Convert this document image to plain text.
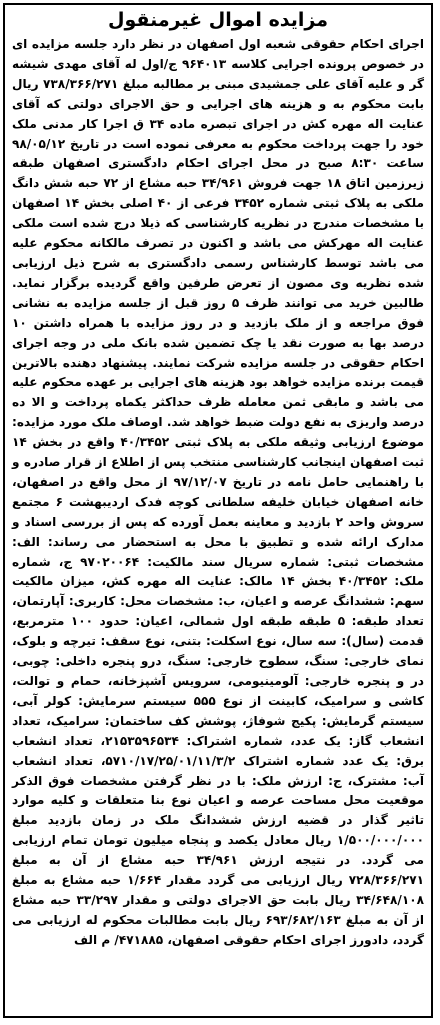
مزایده اموال غیرمنقول

اجرای احکام حقوقی شعبه اول اصفهان در نظر دارد جلسه مزایده ای در خصوص پرونده اجرایی کلاسه ۹۶۴۰۱۳ ج/اول له آقای مهدی شیشه گر و علیه آقای علی جمشیدی مبنی بر مطالبه مبلغ ۷۳۸/۳۶۶/۲۷۱ ریال بابت محکوم به و هزینه های اجرایی و حق الاجرای دولتی که آقای عنایت اله مهره کش در اجرای تبصره ماده ۳۴ ق اجرا کار مدنی ملک خود را جهت پرداخت محکوم به معرفی نموده است در تاریخ ۹۸/۰۵/۱۲ ساعت ۸:۳۰ صبح در محل اجرای احکام دادگستری اصفهان طبقه زیرزمین اتاق ۱۸ جهت فروش ۳۴/۹۶۱ حبه مشاع از ۷۲ حبه شش دانگ ملکی به پلاک ثبتی شماره ۳۴۵۲ فرعی از ۴۰ اصلی بخش ۱۴ اصفهان با مشخصات مندرج در نظریه کارشناسی که ذیلا درج شده است ملکی عنایت اله مهرکش می باشد و اکنون در تصرف مالکانه محکوم علیه می باشد توسط کارشناس رسمی دادگستری به شرح ذیل ارزیابی شده نظریه وی مصون از تعرض طرفین واقع گردیده برگزار نماید. طالبین خرید می توانند ظرف ۵ روز قبل از جلسه مزایده به نشانی فوق مراجعه و از ملک بازدید و در روز مزایده با همراه داشتن ۱۰ درصد بها به صورت نقد یا چک تضمین شده بانک ملی در وجه اجرای احکام حقوقی در جلسه مزایده شرکت نمایند. پیشنهاد دهنده بالاترین قیمت برنده مزایده خواهد بود هزینه های اجرایی بر عهده محکوم علیه می باشد و مابقی ثمن معامله ظرف حداکثر یکماه پرداخت و الا ده درصد واریزی به نفع دولت ضبط خواهد شد. اوصاف ملک مورد مزایده: موضوع ارزیابی وثیقه ملکی به پلاک ثبتی ۴۰/۳۴۵۲ واقع در بخش ۱۴ ثبت اصفهان اینجانب کارشناسی منتخب پس از اطلاع از قرار صادره و با راهنمایی حامل نامه در تاریخ ۹۷/۱۲/۰۷ از محل واقع در اصفهان، خانه اصفهان خیابان خلیفه سلطانی کوچه فدک ارديبهشت ۶ مجتمع سروش واحد ۲ بازدید و معاینه بعمل آورده که پس از بررسی اسناد و مدارک ارائه شده و تطبیق با محل به استحضار می رساند: الف: مشخصات ثبتی: شماره سریال سند مالکیت: ۹۷۰۲۰۰۶۴ ج، شماره ملک: ۴۰/۳۴۵۲ بخش ۱۴ مالک: عنایت اله مهره کش، میزان مالکیت سهم: ششدانگ عرصه و اعیان، ب: مشخصات محل: کاربری: آپارتمان، تعداد طبقه: ۵ طبقه طبقه اول شمالی، اعیان: حدود ۱۰۰ مترمربع، قدمت (سال): سه سال، نوع اسکلت: بتنی، نوع سقف: تیرچه و بلوک، نمای خارجی: سنگ، سطوح خارجی: سنگ، درو پنجره داخلی: چوبی، در و پنجره خارجی: آلومینیومی، سرویس آشپزخانه، حمام و توالت، کاشی و سرامیک، کابینت از نوع ۵۵۵ سیستم سرمایش: کولر آبی، سیستم گرمایش: پکیج شوفاژ، پوشش کف ساختمان: سرامیک، تعداد انشعاب گاز: یک عدد، شماره اشتراک: ۲۱۵۳۵۹۶۵۳۴، تعداد انشعاب برق: یک عدد شماره اشتراک ۵۷۱۰/۱۷/۲۵/۰۱/۱۱/۳/۲، تعداد انشعاب آب: مشترک، ج: ارزش ملک: با در نظر گرفتن مشخصات فوق الذکر موقعیت محل مساحت عرصه و اعیان نوع بنا متعلقات و کلیه موارد تاثیر گذار در قضیه ارزش ششدانگ ملک در زمان بازدید مبلغ ۱/۵۰۰/۰۰۰/۰۰۰ ریال معادل یکصد و پنجاه میلیون تومان تمام ارزیابی می گردد. در نتیجه ارزش ۳۴/۹۶۱ حبه مشاع از آن به مبلغ ۷۲۸/۳۶۶/۲۷۱ ریال ارزیابی می گردد مقدار ۱/۶۶۴ حبه مشاع به مبلغ ۳۴/۶۴۸/۱۰۸ ریال بابت حق الاجرای دولتی و مقدار ۳۳/۲۹۷ حبه مشاع از آن به مبلغ ۶۹۳/۶۸۲/۱۶۳ ریال بابت مطالبات محکوم له ارزیابی می گردد، دادورز اجرای احکام حقوقی اصفهان، ۴۷۱۸۸۵/ م الف
